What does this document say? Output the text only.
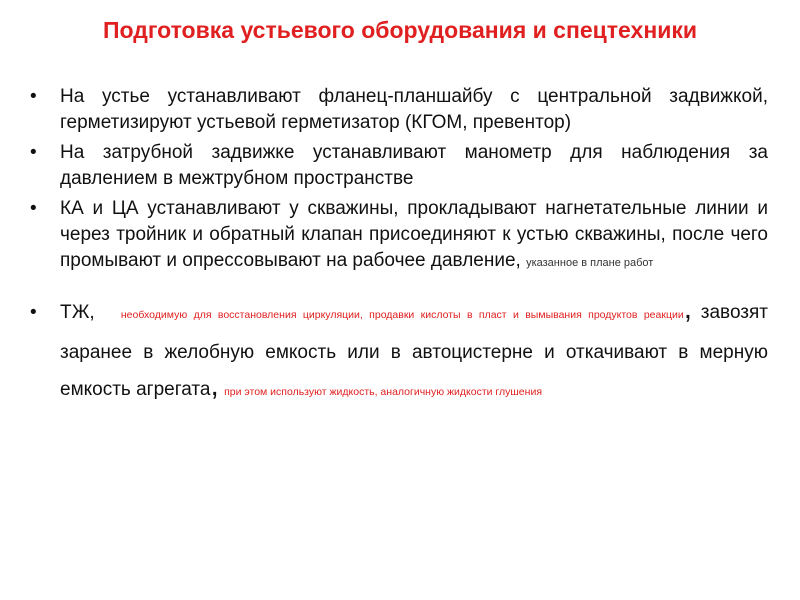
Подготовка устьевого оборудования и спецтехники
• На устье устанавливают фланец-планшайбу с центральной задвижкой, герметизируют устьевой герметизатор (КГОМ, превентор)
• На затрубной задвижке устанавливают манометр для наблюдения за давлением в межтрубном пространстве
• КА и ЦА устанавливают у скважины, прокладывают нагнетательные линии и через тройник и обратный клапан присоединяют к устью скважины, после чего промывают и опрессовывают на рабочее давление, указанное в плане работ
• ТЖ, необходимую для восстановления циркуляции, продавки кислоты в пласт и вымывания продуктов реакции, завозят заранее в желобную емкость или в автоцистерне и откачивают в мерную емкость агрегата, при этом используют жидкость, аналогичную жидкости глушения
